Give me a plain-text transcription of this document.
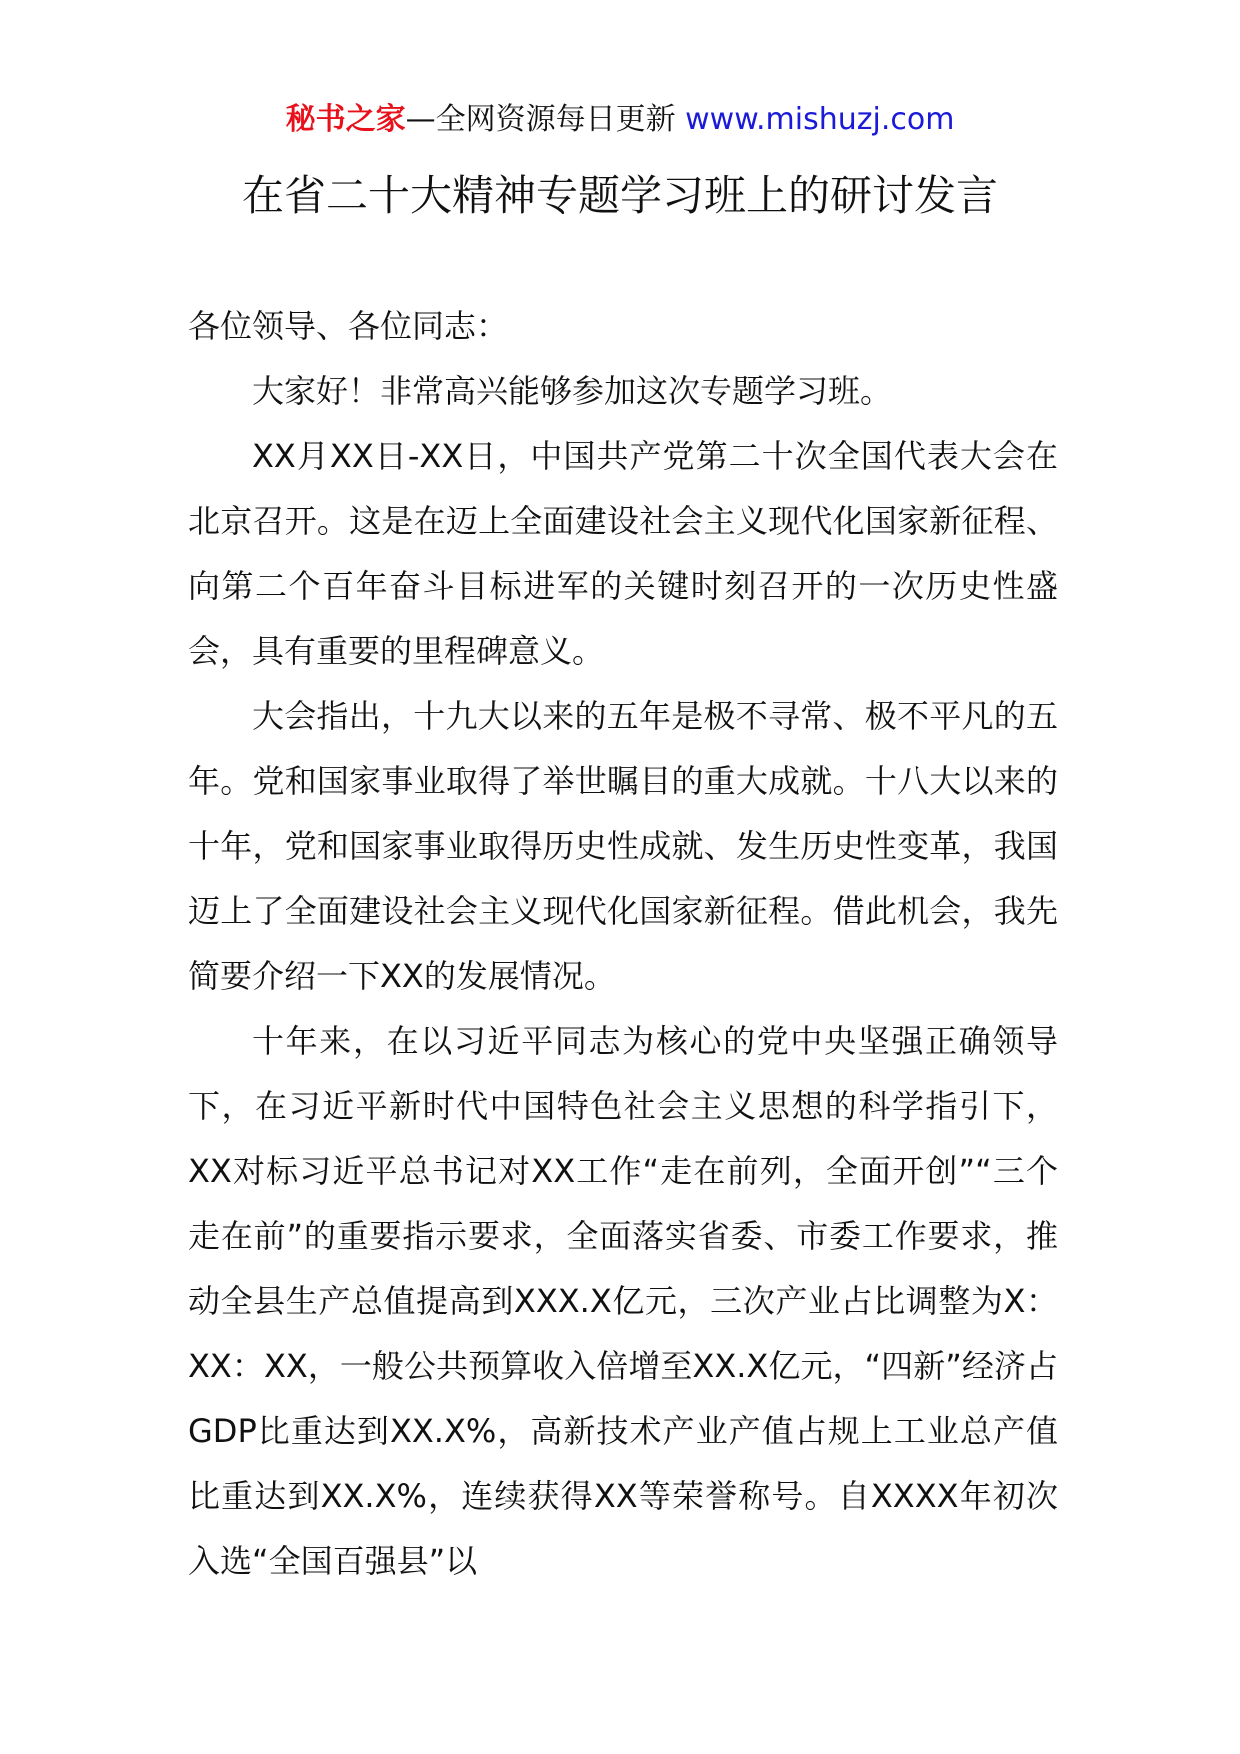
秘书之家—全网资源每日更新 www.mishuzj.com
在省二十大精神专题学习班上的研讨发言

各位领导、各位同志：

大家好！非常高兴能够参加这次专题学习班。

XX月XX日-XX日，中国共产党第二十次全国代表大会在北京召开。这是在迈上全面建设社会主义现代化国家新征程、向第二个百年奋斗目标进军的关键时刻召开的一次历史性盛会，具有重要的里程碑意义。

大会指出，十九大以来的五年是极不寻常、极不平凡的五年。党和国家事业取得了举世瞩目的重大成就。十八大以来的十年，党和国家事业取得历史性成就、发生历史性变革，我国迈上了全面建设社会主义现代化国家新征程。借此机会，我先简要介绍一下XX的发展情况。

十年来，在以习近平同志为核心的党中央坚强正确领导下，在习近平新时代中国特色社会主义思想的科学指引下，XX对标习近平总书记对XX工作“走在前列，全面开创”“三个走在前”的重要指示要求，全面落实省委、市委工作要求，推动全县生产总值提高到XXX.X亿元，三次产业占比调整为X：XX：XX，一般公共预算收入倍增至XX.X亿元，“四新”经济占GDP比重达到XX.X%，高新技术产业产值占规上工业总产值比重达到XX.X%，连续获得XX等荣誉称号。自XXXX年初次入选“全国百强县”以
